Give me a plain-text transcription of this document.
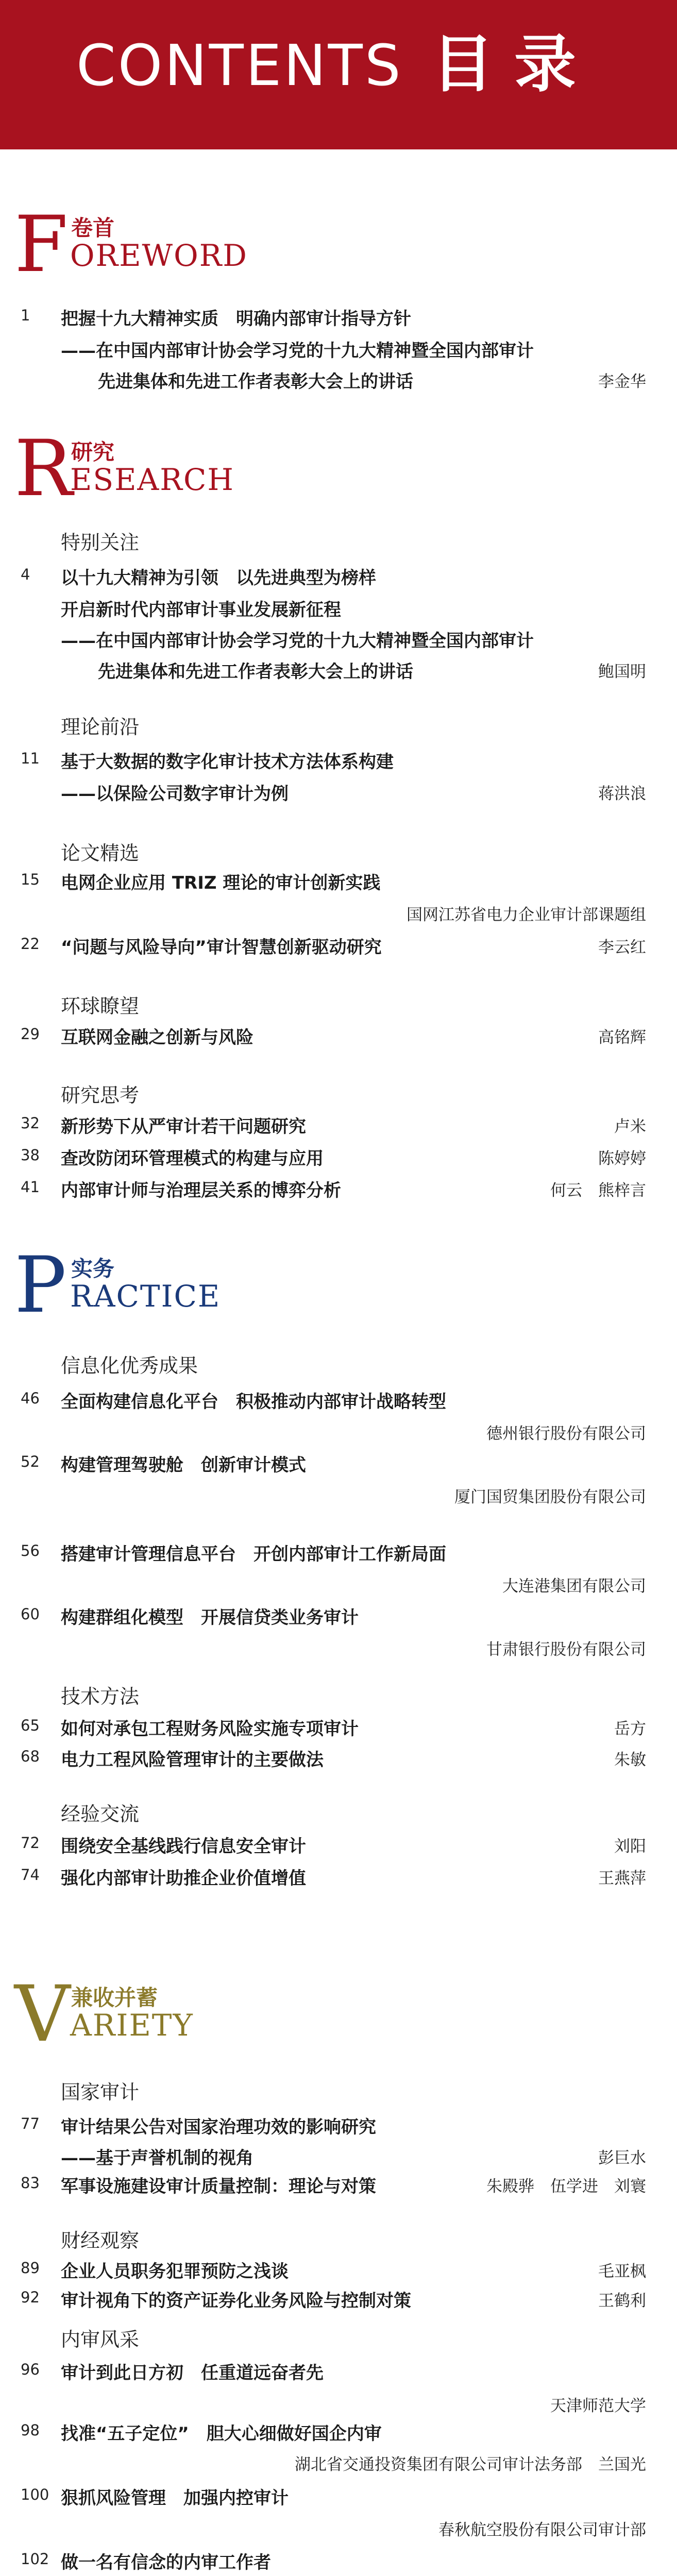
CONTENTS 目录
F 卷首
OREWORD
1 把握十九大精神实质　明确内部审计指导方针
——在中国内部审计协会学习党的十九大精神暨全国内部审计
先进集体和先进工作者表彰大会上的讲话	李金华
R
研究
ESEARCH
特别关注
4 以十九大精神为引领　以先进典型为榜样
开启新时代内部审计事业发展新征程
——在中国内部审计协会学习党的十九大精神暨全国内部审计
先进集体和先进工作者表彰大会上的讲话	鲍国明
理论前沿
11 基于大数据的数字化审计技术方法体系构建
——以保险公司数字审计为例	蒋洪浪
论文精选
15 电网企业应用 TRIZ 理论的审计创新实践
国网江苏省电力企业审计部课题组
22 “问题与风险导向”审计智慧创新驱动研究	李云红
环球瞭望
29 互联网金融之创新与风险	高铭辉
研究思考
32 新形势下从严审计若干问题研究	卢米
38 查改防闭环管理模式的构建与应用	陈婷婷
41 内部审计师与治理层关系的博弈分析	何云　熊梓言
P 实务
RACTICE
信息化优秀成果
46 全面构建信息化平台　积极推动内部审计战略转型
德州银行股份有限公司
52 构建管理驾驶舱　创新审计模式
厦门国贸集团股份有限公司
56 搭建审计管理信息平台　开创内部审计工作新局面
大连港集团有限公司
60 构建群组化模型　开展信贷类业务审计
甘肃银行股份有限公司
技术方法
65 如何对承包工程财务风险实施专项审计	岳方
68 电力工程风险管理审计的主要做法	朱敏
经验交流
72 围绕安全基线践行信息安全审计	刘阳
74 强化内部审计助推企业价值增值	王燕萍
V 兼收并蓄
ARIETY
国家审计
77 审计结果公告对国家治理功效的影响研究
——基于声誉机制的视角	彭巨水
83 军事设施建设审计质量控制：理论与对策	朱殿骅　伍学进　刘寰
财经观察
89 企业人员职务犯罪预防之浅谈	毛亚枫
92 审计视角下的资产证券化业务风险与控制对策	王鹤利
内审风采
96 审计到此日方初　任重道远奋者先
天津师范大学
98 找准“五子定位”　胆大心细做好国企内审
湖北省交通投资集团有限公司审计法务部　兰国光
100 狠抓风险管理　加强内控审计
春秋航空股份有限公司审计部
102 做一名有信念的内审工作者
